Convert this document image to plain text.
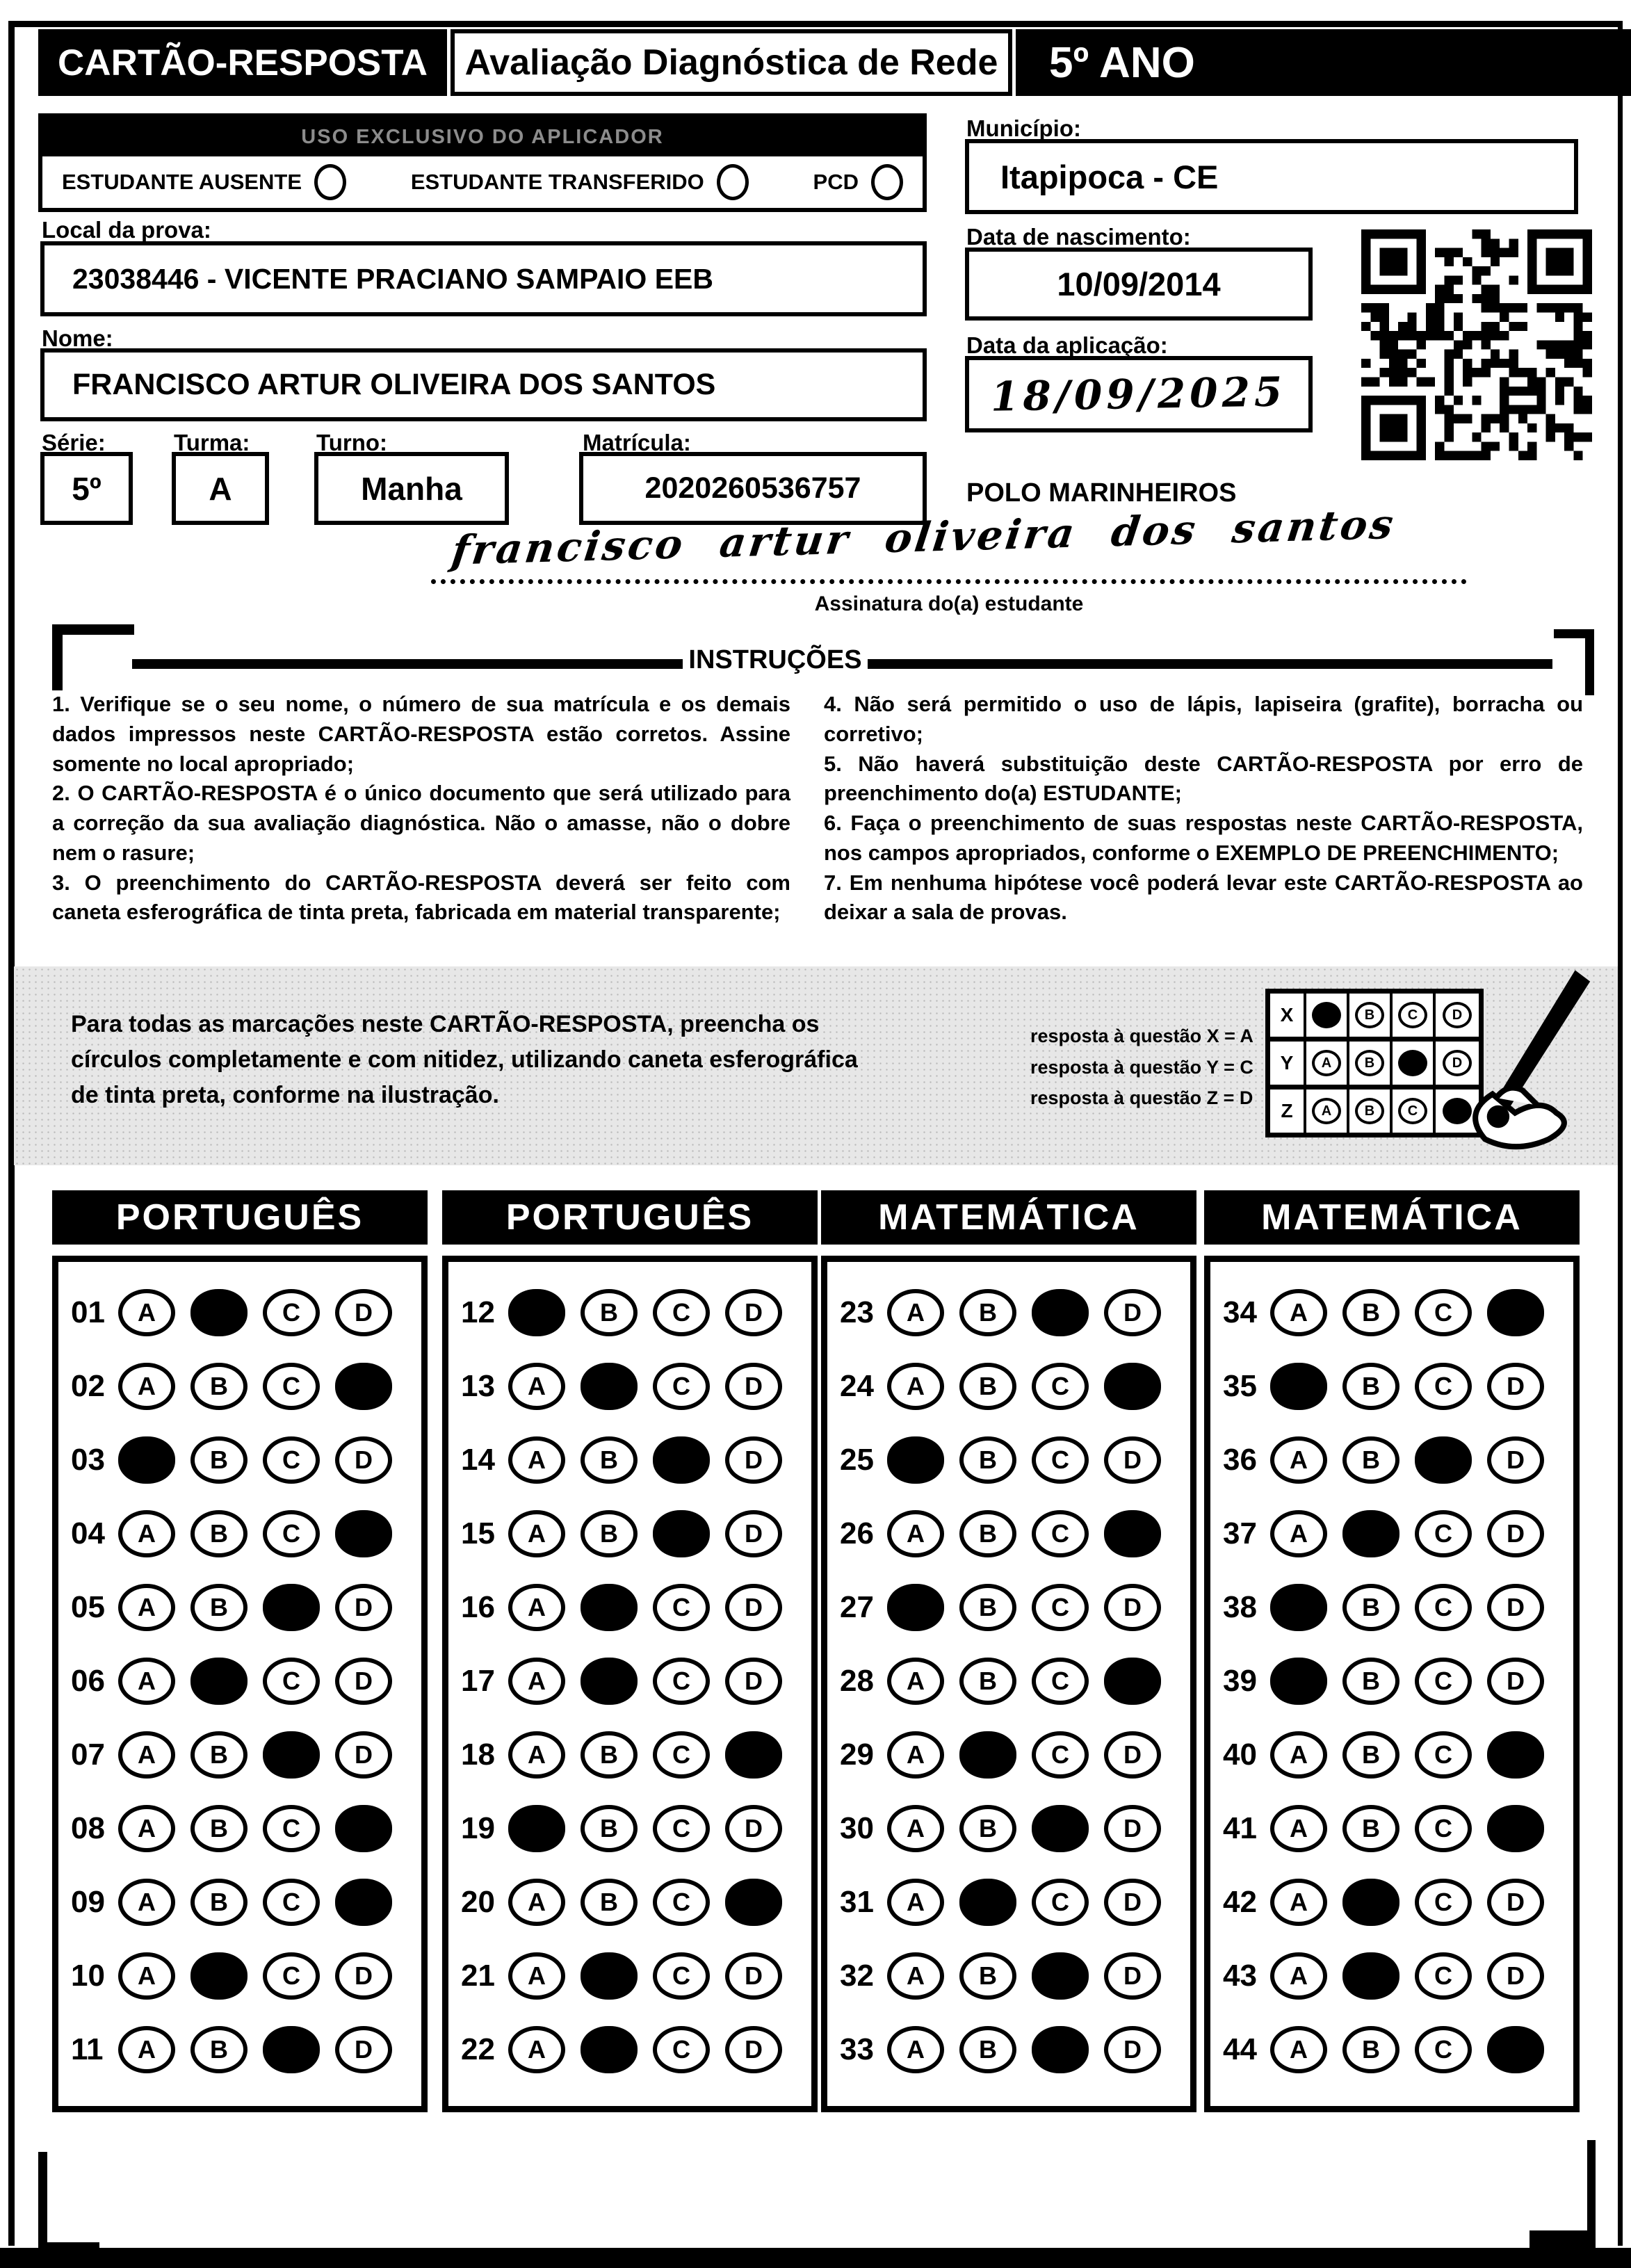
CARTÃO-RESPOSTA Avaliação Diagnóstica de Rede 5º ANO
USO EXCLUSIVO DO APLICADOR
ESTUDANTE AUSENTE	ESTUDANTE TRANSFERIDO	PCD
Local da prova:
23038446 - VICENTE PRACIANO SAMPAIO EEB
Nome:
FRANCISCO ARTUR OLIVEIRA DOS SANTOS
Série:
5º
Turma:
A
Turno:
Manha
Matrícula:
2020260536757
Município:
Itapipoca - CE
Data de nascimento:
10/09/2014
Data da aplicação:
18/09/2025
POLO MARINHEIROS
francisco artur oliveira dos santos
Assinatura do(a) estudante
INSTRUÇÕES

1. Verifique se o seu nome, o número de sua matrícula e os demais dados impressos neste CARTÃO-RESPOSTA estão corretos. Assine somente no local apropriado;

2. O CARTÃO-RESPOSTA é o único documento que será utilizado para a correção da sua avaliação diagnóstica. Não o amasse, não o dobre nem o rasure;

3. O preenchimento do CARTÃO-RESPOSTA deverá ser feito com caneta esferográfica de tinta preta, fabricada em material transparente;

4. Não será permitido o uso de lápis, lapiseira (grafite), borracha ou corretivo;

5. Não haverá substituição deste CARTÃO-RESPOSTA por erro de preenchimento do(a) ESTUDANTE;

6. Faça o preenchimento de suas respostas neste CARTÃO-RESPOSTA, nos campos apropriados, conforme o EXEMPLO DE PREENCHIMENTO;

7. Em nenhuma hipótese você poderá levar este CARTÃO-RESPOSTA ao deixar a sala de provas.

Para todas as marcações neste CARTÃO-RESPOSTA, preencha os círculos completamente e com nitidez, utilizando caneta esferográfica de tinta preta, conforme na ilustração.
resposta à questão X = A
resposta à questão Y = C
resposta à questão Z = D
X	A	B	C	D
Y	A	B	C	D
Z	A	B	C	D
PORTUGUÊS
01	A	B	C	D
02	A	B	C	D
03	A	B	C	D
04	A	B	C	D
05	A	B	C	D
06	A	B	C	D
07	A	B	C	D
08	A	B	C	D
09	A	B	C	D
10	A	B	C	D
11	A	B	C	D
PORTUGUÊS
12	A	B	C	D
13	A	B	C	D
14	A	B	C	D
15	A	B	C	D
16	A	B	C	D
17	A	B	C	D
18	A	B	C	D
19	A	B	C	D
20	A	B	C	D
21	A	B	C	D
22	A	B	C	D
MATEMÁTICA
23	A	B	C	D
24	A	B	C	D
25	A	B	C	D
26	A	B	C	D
27	A	B	C	D
28	A	B	C	D
29	A	B	C	D
30	A	B	C	D
31	A	B	C	D
32	A	B	C	D
33	A	B	C	D
MATEMÁTICA
34	A	B	C	D
35	A	B	C	D
36	A	B	C	D
37	A	B	C	D
38	A	B	C	D
39	A	B	C	D
40	A	B	C	D
41	A	B	C	D
42	A	B	C	D
43	A	B	C	D
44	A	B	C	D
